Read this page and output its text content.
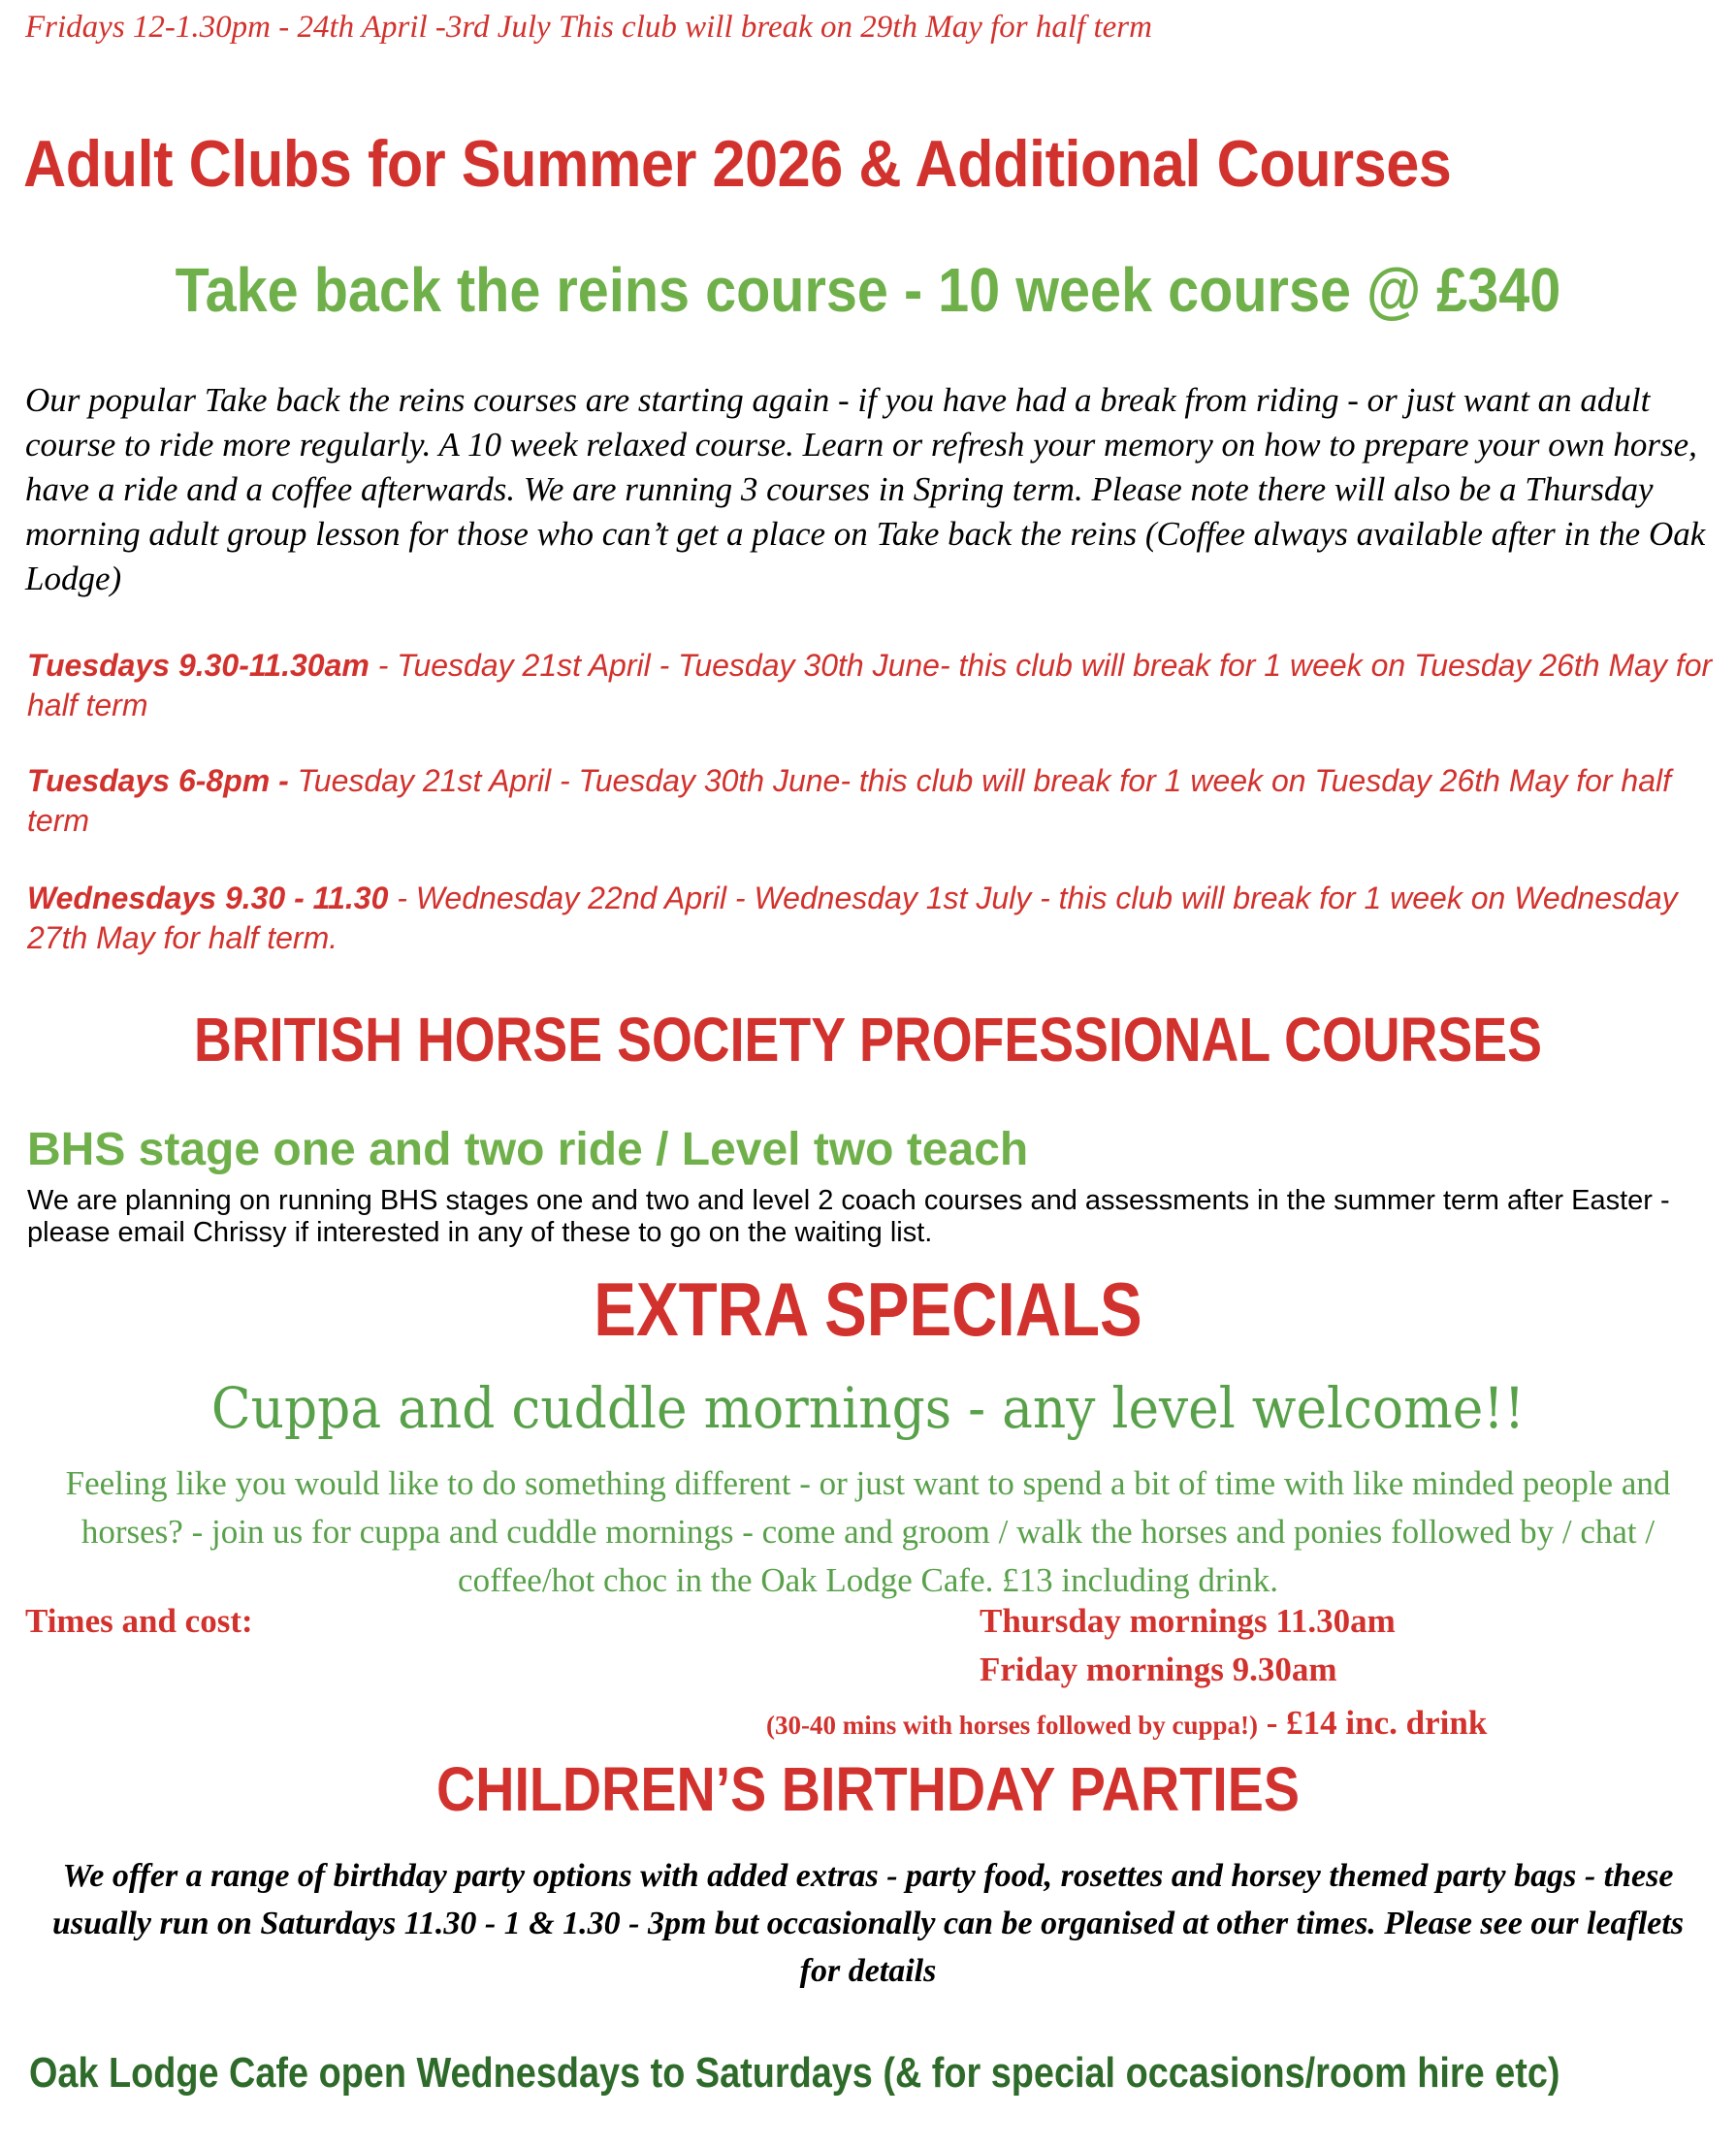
Fridays 12-1.30pm - 24th April -3rd July This club will break on 29th May for half term

Adult Clubs for Summer 2026 & Additional Courses
Take back the reins course - 10 week course @ £340

Our popular Take back the reins courses are starting again - if you have had a break from riding - or just want an adult course to ride more regularly. A 10 week relaxed course. Learn or refresh your memory on how to prepare your own horse, have a ride and a coffee afterwards. We are running 3 courses in Spring term. Please note there will also be a Thursday morning adult group lesson for those who can’t get a place on Take back the reins (Coffee always available after in the Oak Lodge)

Tuesdays 9.30-11.30am - Tuesday 21st April - Tuesday 30th June- this club will break for 1 week on Tuesday 26th May for half term

Tuesdays 6-8pm - Tuesday 21st April - Tuesday 30th June- this club will break for 1 week on Tuesday 26th May for half term

Wednesdays 9.30 - 11.30 - Wednesday 22nd April - Wednesday 1st July - this club will break for 1 week on Wednesday 27th May for half term.

BRITISH HORSE SOCIETY PROFESSIONAL COURSES
BHS stage one and two ride / Level two teach

We are planning on running BHS stages one and two and level 2 coach courses and assessments in the summer term after Easter - please email Chrissy if interested in any of these to go on the waiting list.

EXTRA SPECIALS
Cuppa and cuddle mornings - any level welcome!!

Feeling like you would like to do something different - or just want to spend a bit of time with like minded people and horses? - join us for cuppa and cuddle mornings - come and groom / walk the horses and ponies followed by / chat / coffee/hot choc in the Oak Lodge Cafe. £13 including drink.

Times and cost:	Thursday mornings 11.30am

Friday mornings 9.30am

(30-40 mins with horses followed by cuppa!) - £14 inc. drink

CHILDREN’S BIRTHDAY PARTIES

We offer a range of birthday party options with added extras - party food, rosettes and horsey themed party bags - these usually run on Saturdays 11.30 - 1 & 1.30 - 3pm but occasionally can be organised at other times. Please see our leaflets for details

Oak Lodge Cafe open Wednesdays to Saturdays (& for special occasions/room hire etc)
